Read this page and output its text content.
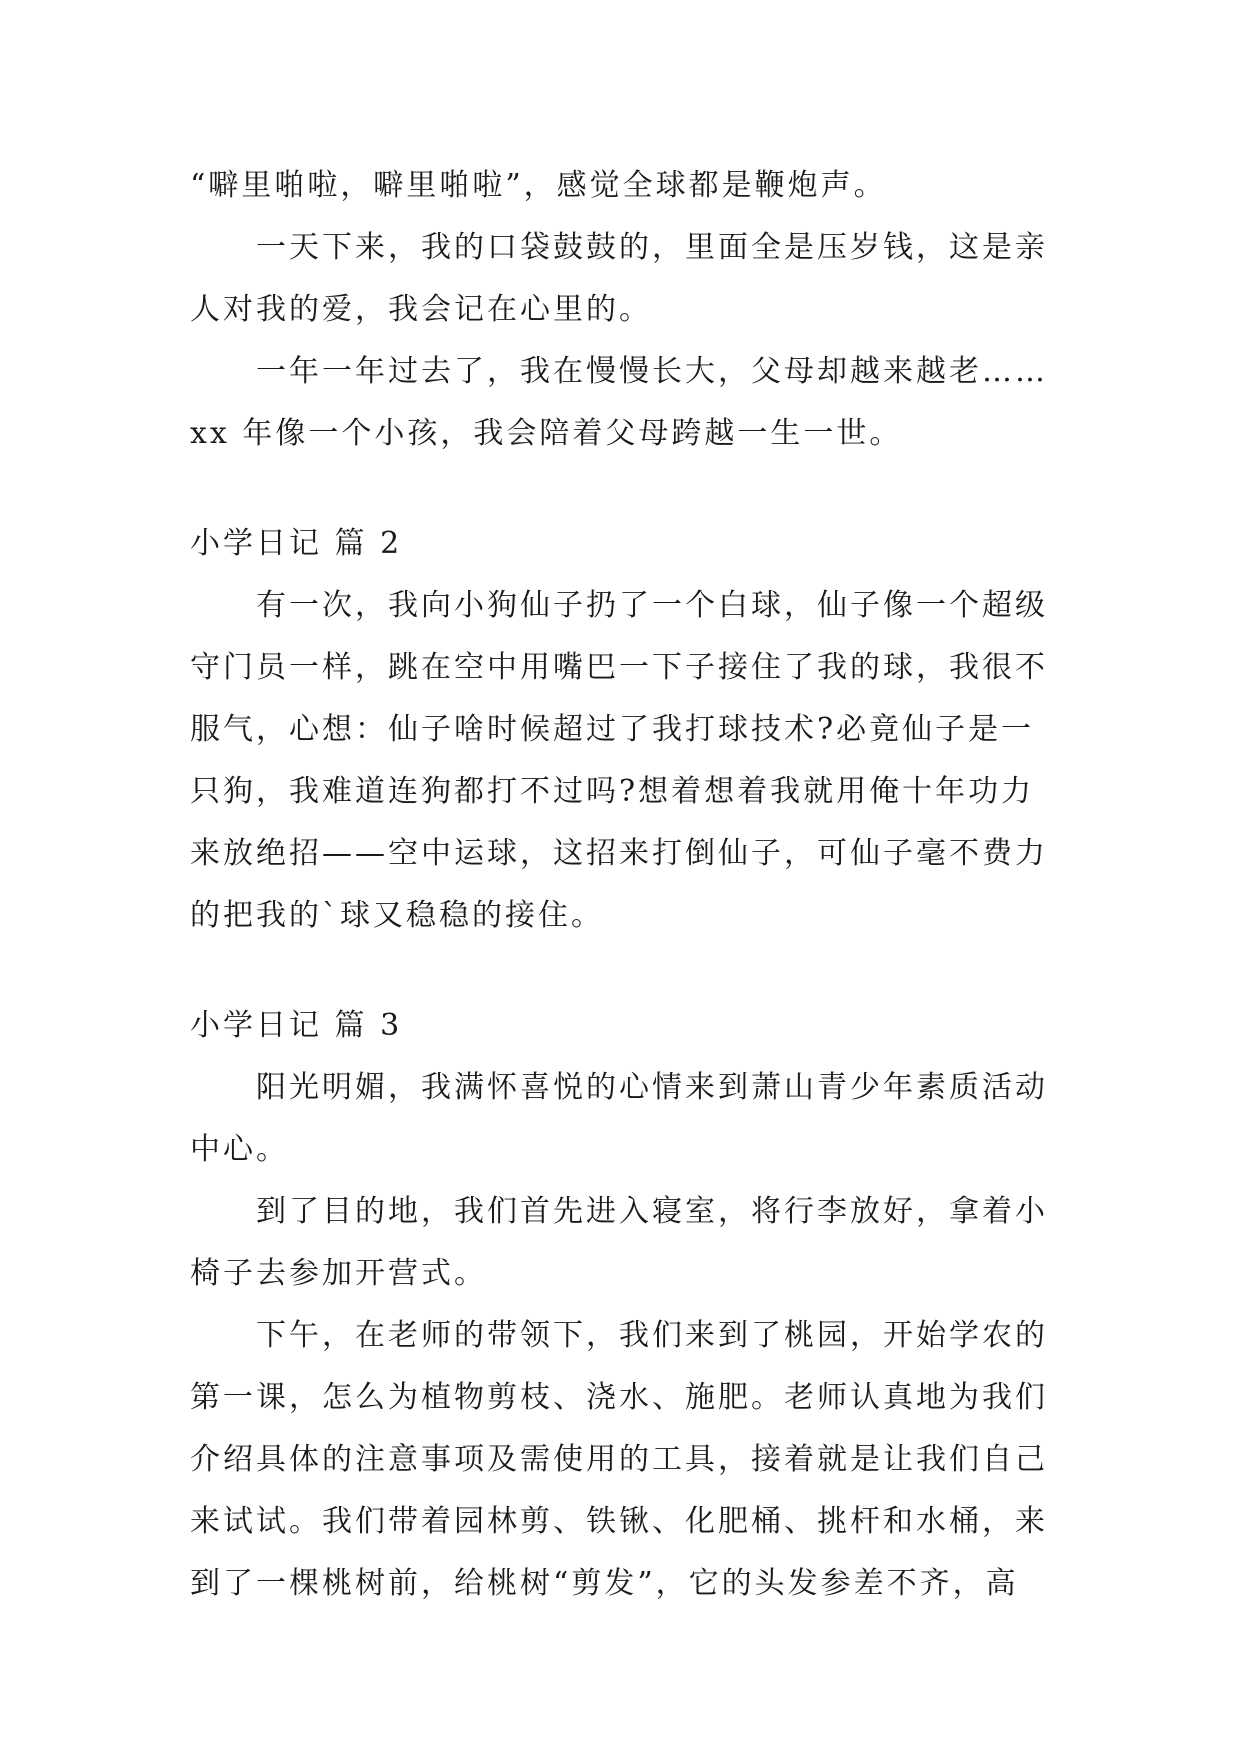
“噼里啪啦，噼里啪啦”，感觉全球都是鞭炮声。
一天下来，我的口袋鼓鼓的，里面全是压岁钱，这是亲
人对我的爱，我会记在心里的。
一年一年过去了，我在慢慢长大，父母却越来越老……
xx 年像一个小孩，我会陪着父母跨越一生一世。
小学日记 篇 2
有一次，我向小狗仙子扔了一个白球，仙子像一个超级
守门员一样，跳在空中用嘴巴一下子接住了我的球，我很不
服气，心想：仙子啥时候超过了我打球技术?必竟仙子是一
只狗，我难道连狗都打不过吗?想着想着我就用俺十年功力
来放绝招——空中运球，这招来打倒仙子，可仙子毫不费力
的把我的`球又稳稳的接住。
小学日记 篇 3
阳光明媚，我满怀喜悦的心情来到萧山青少年素质活动
中心。
到了目的地，我们首先进入寝室，将行李放好，拿着小
椅子去参加开营式。
下午，在老师的带领下，我们来到了桃园，开始学农的
第一课，怎么为植物剪枝、浇水、施肥。老师认真地为我们
介绍具体的注意事项及需使用的工具，接着就是让我们自己
来试试。我们带着园林剪、铁锹、化肥桶、挑杆和水桶，来
到了一棵桃树前，给桃树“剪发”，它的头发参差不齐，高
